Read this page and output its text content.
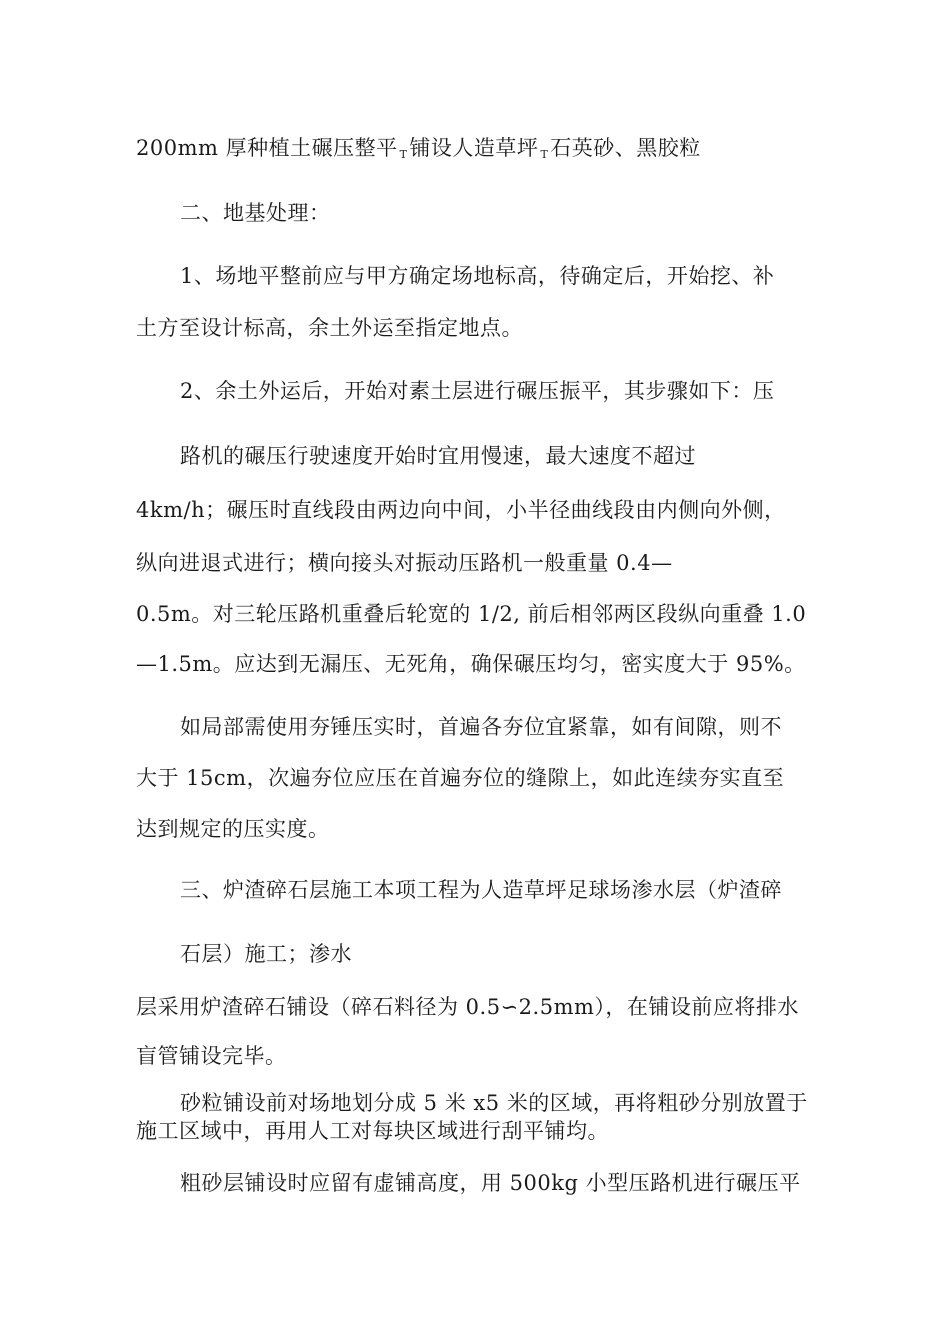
200mm 厚种植土碾压整平 $_T$铺设人造草坪 $_T$石英砂、黑胶粒
二、地基处理：
1、场地平整前应与甲方确定场地标高，待确定后，开始挖、补
土方至设计标高，余土外运至指定地点。
2、余土外运后，开始对素土层进行碾压振平，其步骤如下：压
路机的碾压行驶速度开始时宜用慢速，最大速度不超过
4km/h；碾压时直线段由两边向中间，小半径曲线段由内侧向外侧，
纵向进退式进行；横向接头对振动压路机一般重量 0.4—
0.5m。对三轮压路机重叠后轮宽的 1/2, 前后相邻两区段纵向重叠 1.0
—1.5m。应达到无漏压、无死角，确保碾压均匀，密实度大于 95%。
如局部需使用夯锤压实时，首遍各夯位宜紧靠，如有间隙，则不
大于 15cm，次遍夯位应压在首遍夯位的缝隙上，如此连续夯实直至
达到规定的压实度。
三、炉渣碎石层施工本项工程为人造草坪足球场渗水层（炉渣碎
石层）施工；渗水
层采用炉渣碎石铺设（碎石料径为 0.5∽2.5mm），在铺设前应将排水
盲管铺设完毕。
砂粒铺设前对场地划分成 5 米 x5 米的区域，再将粗砂分别放置于
施工区域中，再用人工对每块区域进行刮平铺均。
粗砂层铺设时应留有虚铺高度，用 500kg 小型压路机进行碾压平
